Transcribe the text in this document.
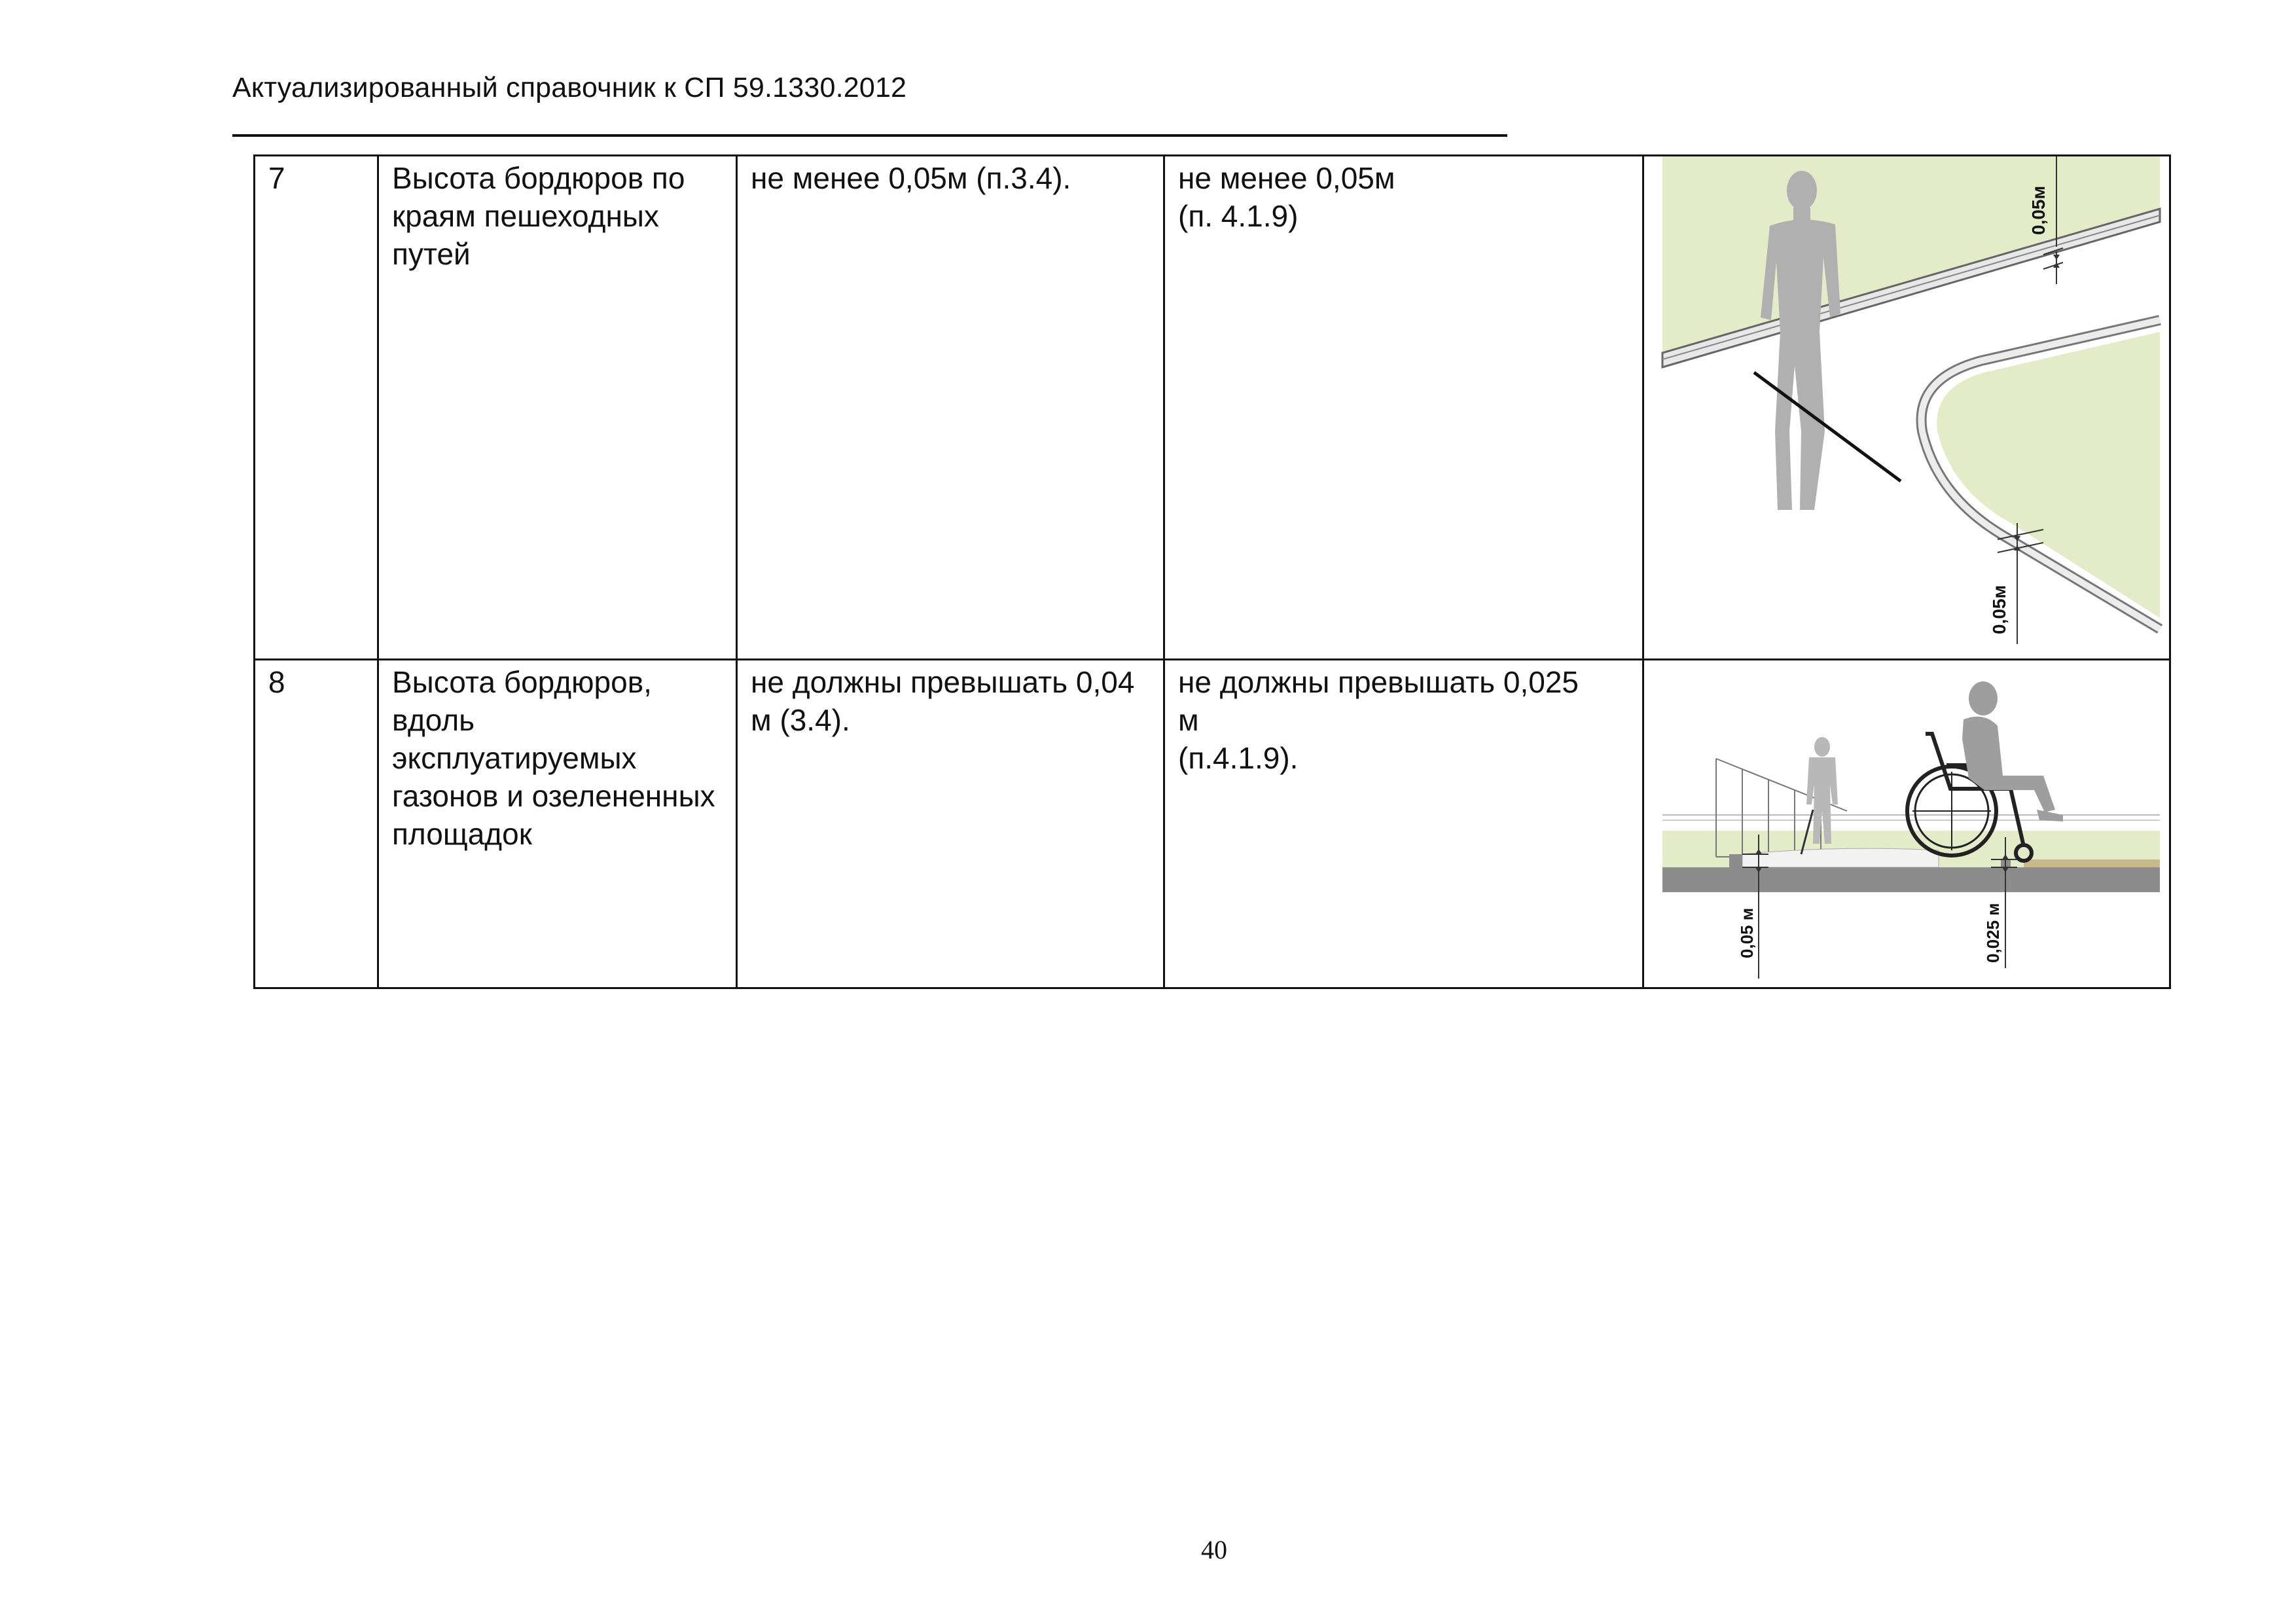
Актуализированный справочник к СП 59.1330.2012
7	Высота бордюров по краям пешеходных путей	не менее 0,05м (п.3.4).	не менее 0,05м
(п. 4.1.9)	0,05м
0,05м

8	Высота бордюров, вдоль эксплуатируемых газонов и озелененных площадок	не должны превышать 0,04 м (3.4).	не должны превышать 0,025
м
(п.4.1.9).	0,05 м 0,025 м
40
